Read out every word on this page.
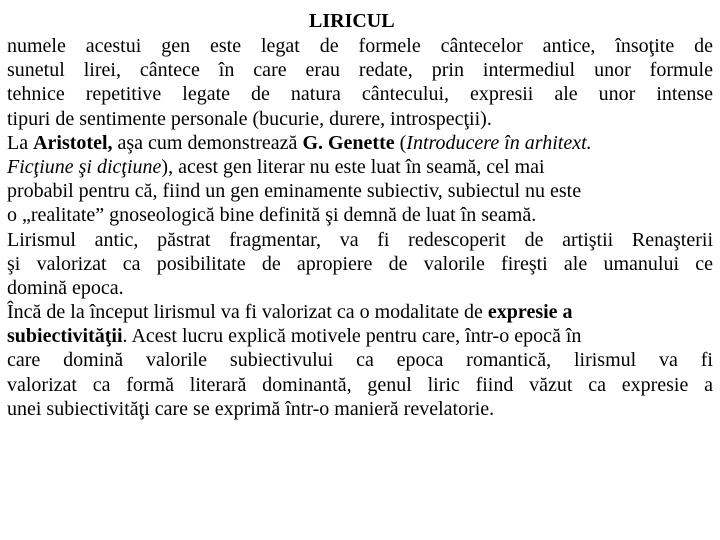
LIRICUL
numele acestui gen este legat de formele cântecelor antice, însoţite de
sunetul lirei, cântece în care erau redate, prin intermediul unor formule
tehnice repetitive legate de natura cântecului, expresii ale unor intense
tipuri de sentimente personale (bucurie, durere, introspecţii).
La Aristotel, aşa cum demonstrează G. Genette (Introducere în arhitext.
Ficţiune şi dicţiune), acest gen literar nu este luat în seamă, cel mai
probabil pentru că, fiind un gen eminamente subiectiv, subiectul nu este
o „realitate” gnoseologică bine definită şi demnă de luat în seamă.
Lirismul antic, păstrat fragmentar, va fi redescoperit de artiştii Renaşterii
şi valorizat ca posibilitate de apropiere de valorile fireşti ale umanului ce
domină epoca.
Încă de la început lirismul va fi valorizat ca o modalitate de expresie a
subiectivităţii. Acest lucru explică motivele pentru care, într-o epocă în
care domină valorile subiectivului ca epoca romantică, lirismul va fi
valorizat ca formă literară dominantă, genul liric fiind văzut ca expresie a
unei subiectivităţi care se exprimă într-o manieră revelatorie.
